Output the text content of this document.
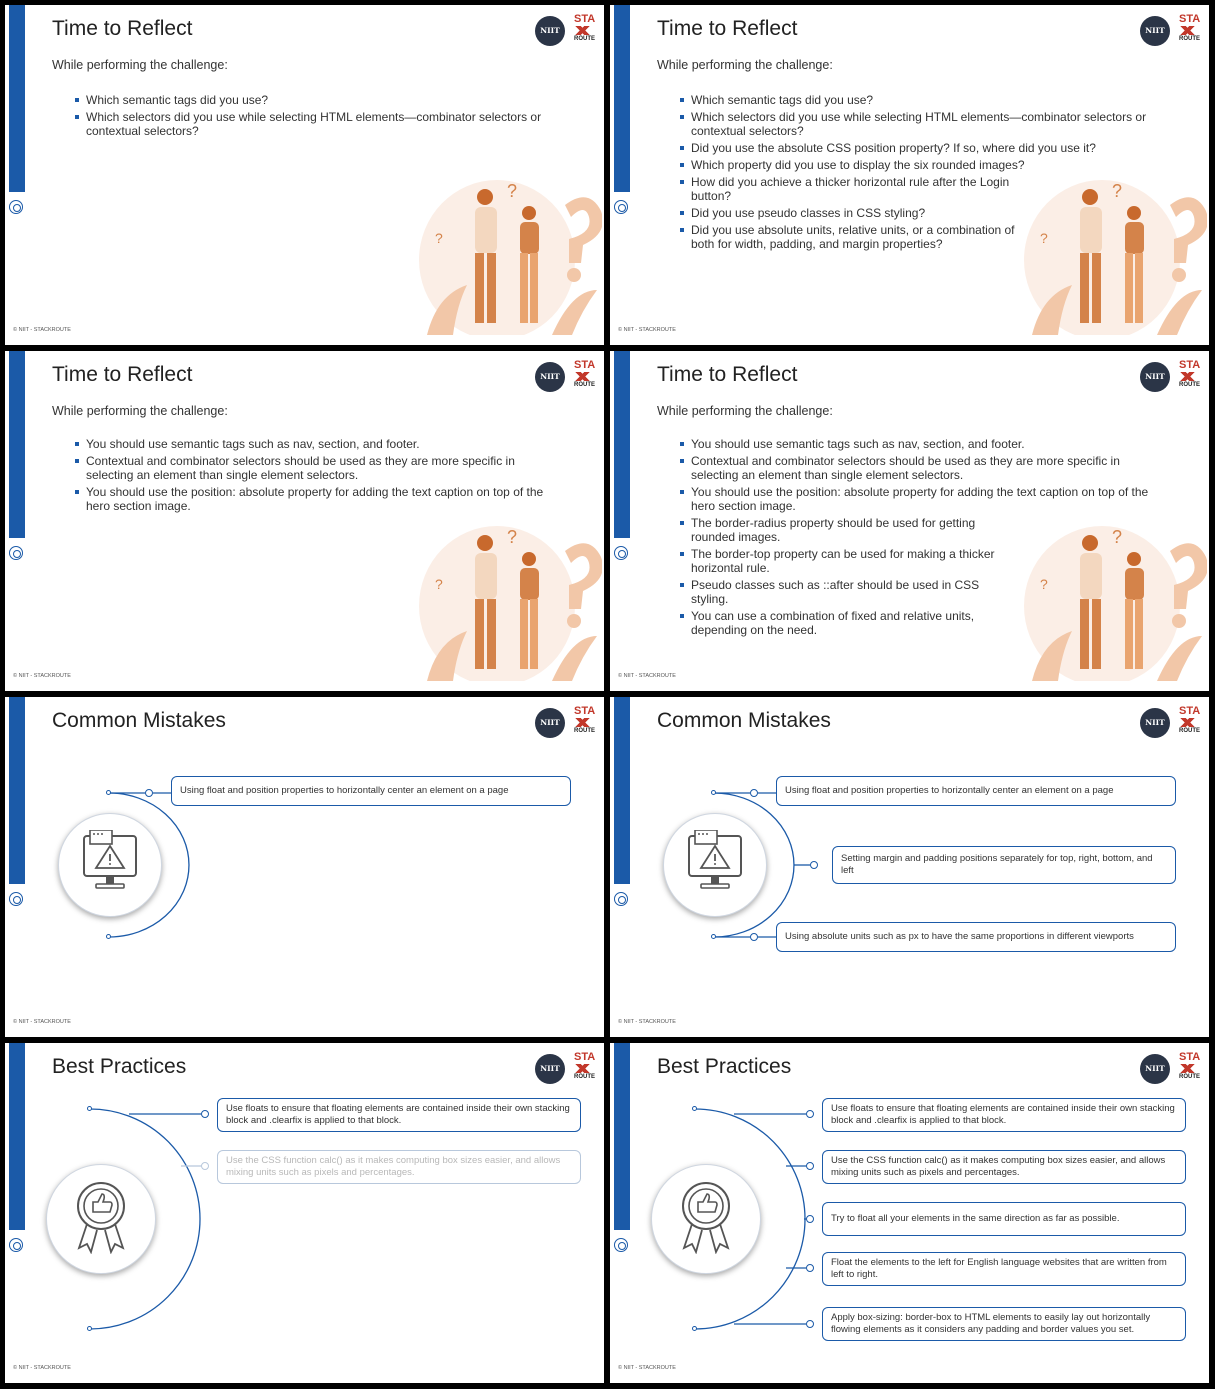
Time to Reflect	NIIT
STA
ROUTE
While performing the challenge:
Which semantic tags did you use?
Which selectors did you use while selecting HTML elements—combinator selectors or contextual selectors?
?
?
© NIIT - STACKROUTE
Time to Reflect	NIIT
STA
ROUTE
While performing the challenge:
Which semantic tags did you use?
Which selectors did you use while selecting HTML elements—combinator selectors or contextual selectors?
Did you use the absolute CSS position property? If so, where did you use it?
Which property did you use to display the six rounded images?
How did you achieve a thicker horizontal rule after the Login button?
Did you use pseudo classes in CSS styling?
Did you use absolute units, relative units, or a combination of both for width, padding, and margin properties?
?
?
© NIIT - STACKROUTE
Time to Reflect	NIIT
STA
ROUTE
While performing the challenge:
You should use semantic tags such as nav, section, and footer.
Contextual and combinator selectors should be used as they are more specific in selecting an element than single element selectors.
You should use the position: absolute property for adding the text caption on top of the hero section image.
?
?
© NIIT - STACKROUTE
Time to Reflect	NIIT
STA
ROUTE
While performing the challenge:
You should use semantic tags such as nav, section, and footer.
Contextual and combinator selectors should be used as they are more specific in selecting an element than single element selectors.
You should use the position: absolute property for adding the text caption on top of the hero section image.
The border-radius property should be used for getting rounded images.
The border-top property can be used for making a thicker horizontal rule.
Pseudo classes such as ::after should be used in CSS styling.
You can use a combination of fixed and relative units, depending on the need.
?
?
© NIIT - STACKROUTE
Common Mistakes	NIIT
STA
ROUTE
Using float and position properties to horizontally center an element on a page
© NIIT - STACKROUTE
Common Mistakes	NIIT
STA
ROUTE
Using float and position properties to horizontally center an element on a page
Setting margin and padding positions separately for top, right, bottom, and left
Using absolute units such as px to have the same proportions in different viewports
© NIIT - STACKROUTE
Best Practices	NIIT
STA
ROUTE
Use floats to ensure that floating elements are contained inside their own stacking block and .clearfix is applied to that block.
Use the CSS function calc() as it makes computing box sizes easier, and allows mixing units such as pixels and percentages.
© NIIT - STACKROUTE
Best Practices	NIIT
STA
ROUTE
Use floats to ensure that floating elements are contained inside their own stacking block and .clearfix is applied to that block.
Use the CSS function calc() as it makes computing box sizes easier, and allows mixing units such as pixels and percentages.
Try to float all your elements in the same direction as far as possible.
Float the elements to the left for English language websites that are written from left to right.
Apply box-sizing: border-box to HTML elements to easily lay out horizontally flowing elements as it considers any padding and border values you set.
© NIIT - STACKROUTE
